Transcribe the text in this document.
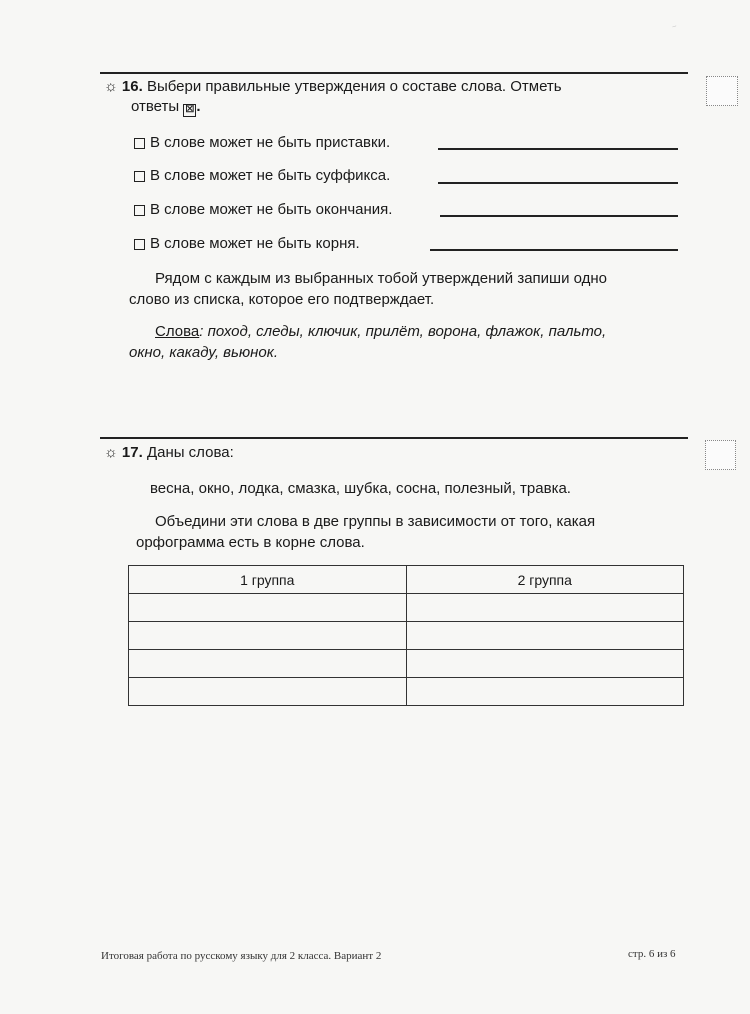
~
☼ 16. Выбери правильные утверждения о составе слова. Отметь
ответы ☒ .
В слове может не быть приставки.
В слове может не быть суффикса.
В слове может не быть окончания.
В слове может не быть корня.
Рядом с каждым из выбранных тобой утверждений запиши одно
слово из списка, которое его подтверждает.
Слова: поход, следы, ключик, прилёт, ворона, флажок, пальто,
окно, какаду, вьюнок.
☼ 17. Даны слова:
весна, окно, лодка, смазка, шубка, сосна, полезный, травка.
Объедини эти слова в две группы в зависимости от того, какая
орфограмма есть в корне слова.
1 группа	2 группа

Итоговая работа по русскому языку для 2 класса. Вариант 2	стр. 6 из 6
